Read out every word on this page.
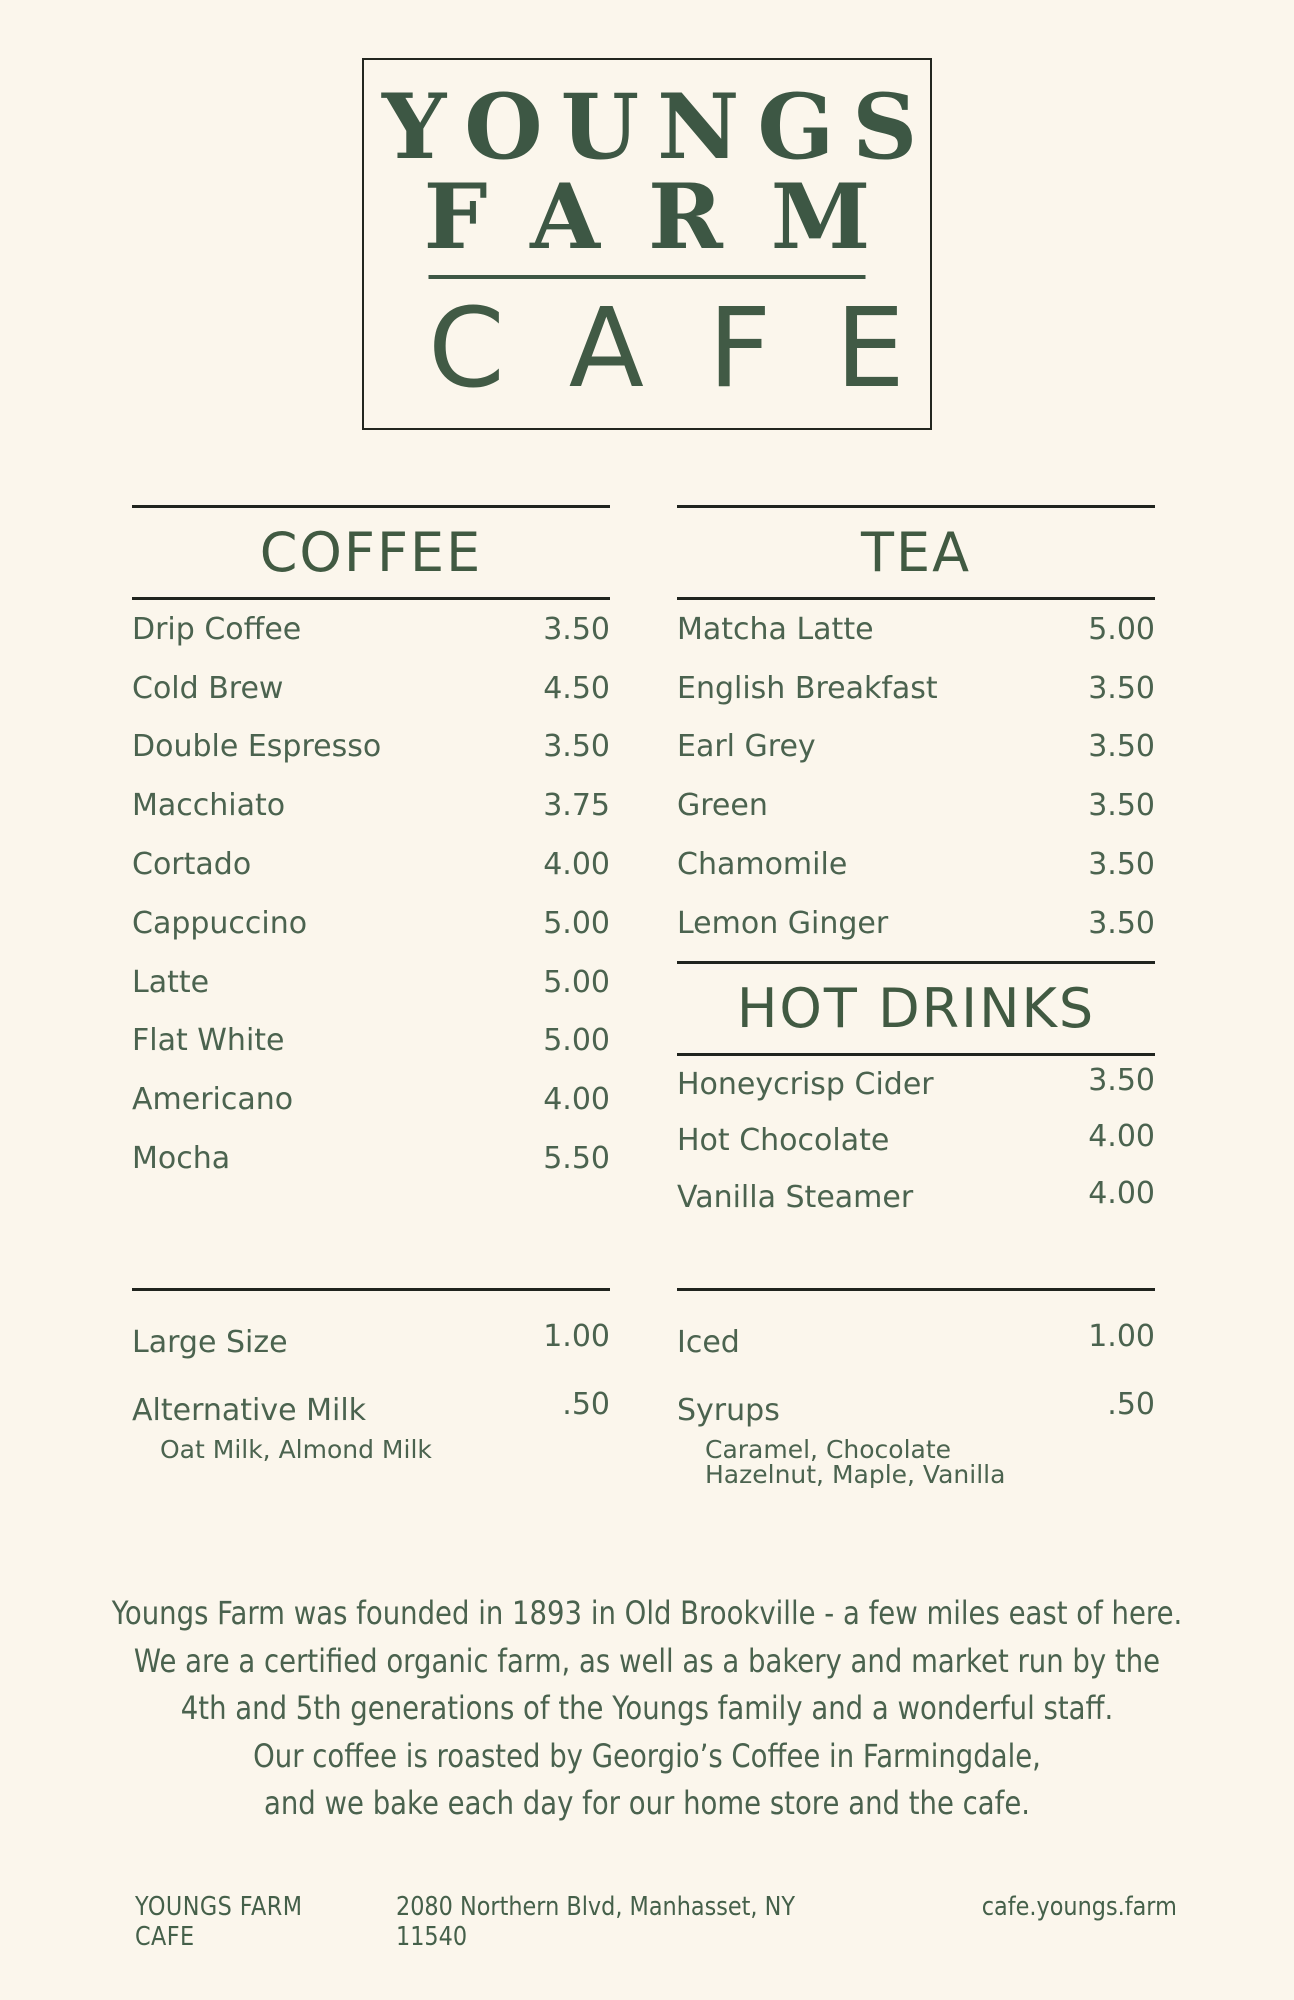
YOUNGS
FARM
CAFE
COFFEE
Drip Coffee	3.50
Cold Brew	4.50
Double Espresso	3.50
Macchiato	3.75
Cortado	4.00
Cappuccino	5.00
Latte	5.00
Flat White	5.00
Americano	4.00
Mocha	5.50
TEA
Matcha Latte	5.00
English Breakfast	3.50
Earl Grey	3.50
Green	3.50
Chamomile	3.50
Lemon Ginger	3.50
HOT DRINKS
Honeycrisp Cider	3.50
Hot Chocolate	4.00
Vanilla Steamer	4.00
Large Size	1.00
Alternative Milk	.50
Oat Milk, Almond Milk
Iced	1.00
Syrups	.50
Caramel, Chocolate
Hazelnut, Maple, Vanilla
Youngs Farm was founded in 1893 in Old Brookville - a few miles east of here.
We are a certified organic farm, as well as a bakery and market run by the
4th and 5th generations of the Youngs family and a wonderful staff.
Our coffee is roasted by Georgio’s Coffee in Farmingdale,
and we bake each day for our home store and the cafe.
YOUNGS FARM CAFE
2080 Northern Blvd, Manhasset, NY 11540
cafe.youngs.farm
